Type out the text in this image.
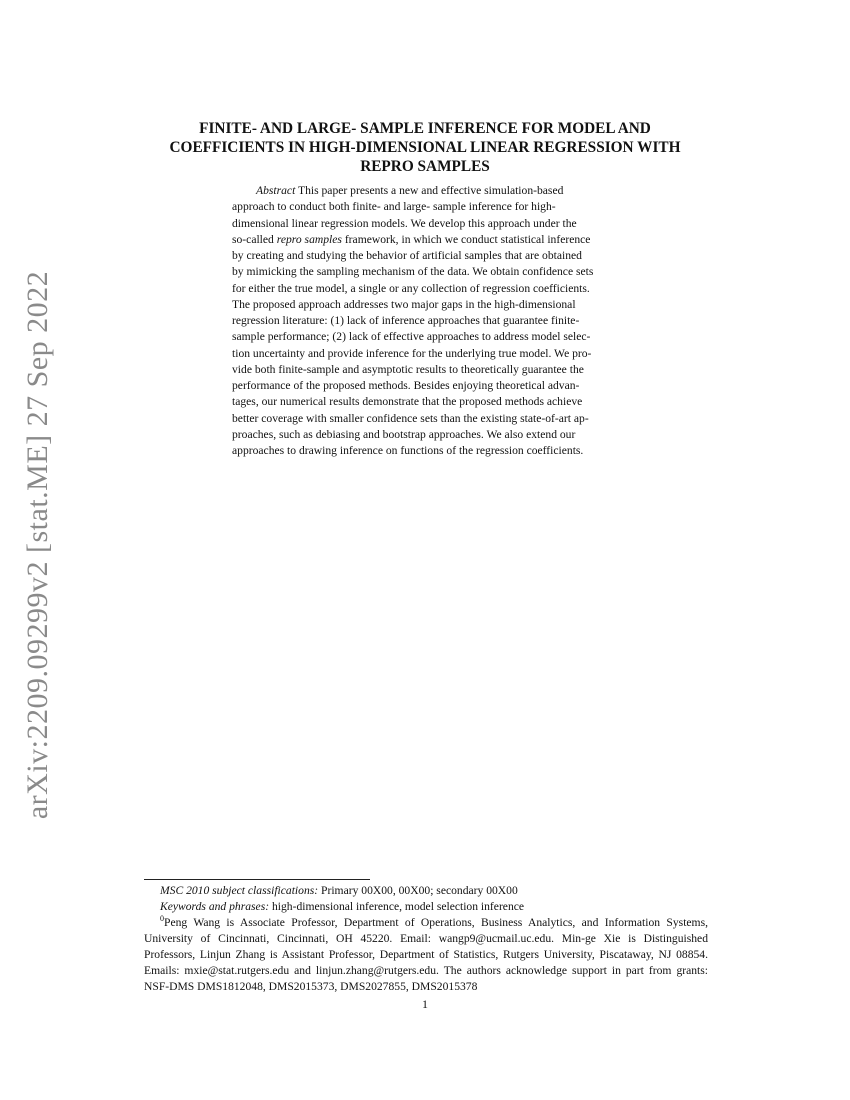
arXiv:2209.09299v2 [stat.ME] 27 Sep 2022
FINITE- AND LARGE- SAMPLE INFERENCE FOR MODEL AND
COEFFICIENTS IN HIGH-DIMENSIONAL LINEAR REGRESSION WITH
REPRO SAMPLES
Abstract This paper presents a new and effective simulation-based
approach to conduct both finite- and large- sample inference for high-
dimensional linear regression models. We develop this approach under the
so-called repro samples framework, in which we conduct statistical inference
by creating and studying the behavior of artificial samples that are obtained
by mimicking the sampling mechanism of the data. We obtain confidence sets
for either the true model, a single or any collection of regression coefficients.
The proposed approach addresses two major gaps in the high-dimensional
regression literature: (1) lack of inference approaches that guarantee finite-
sample performance; (2) lack of effective approaches to address model selec-
tion uncertainty and provide inference for the underlying true model. We pro-
vide both finite-sample and asymptotic results to theoretically guarantee the
performance of the proposed methods. Besides enjoying theoretical advan-
tages, our numerical results demonstrate that the proposed methods achieve
better coverage with smaller confidence sets than the existing state-of-art ap-
proaches, such as debiasing and bootstrap approaches. We also extend our
approaches to drawing inference on functions of the regression coefficients.
MSC 2010 subject classifications: Primary 00X00, 00X00; secondary 00X00
Keywords and phrases: high-dimensional inference, model selection inference
$^0$Peng Wang is Associate Professor, Department of Operations, Business Analytics, and Information Systems, University of Cincinnati, Cincinnati, OH 45220. Email: wangp9@ucmail.uc.edu. Min-ge Xie is Distinguished Professors, Linjun Zhang is Assistant Professor, Department of Statistics, Rutgers University, Piscataway, NJ 08854. Emails: mxie@stat.rutgers.edu and linjun.zhang@rutgers.edu. The authors acknowledge support in part from grants: NSF-DMS DMS1812048, DMS2015373, DMS2027855, DMS2015378
1
